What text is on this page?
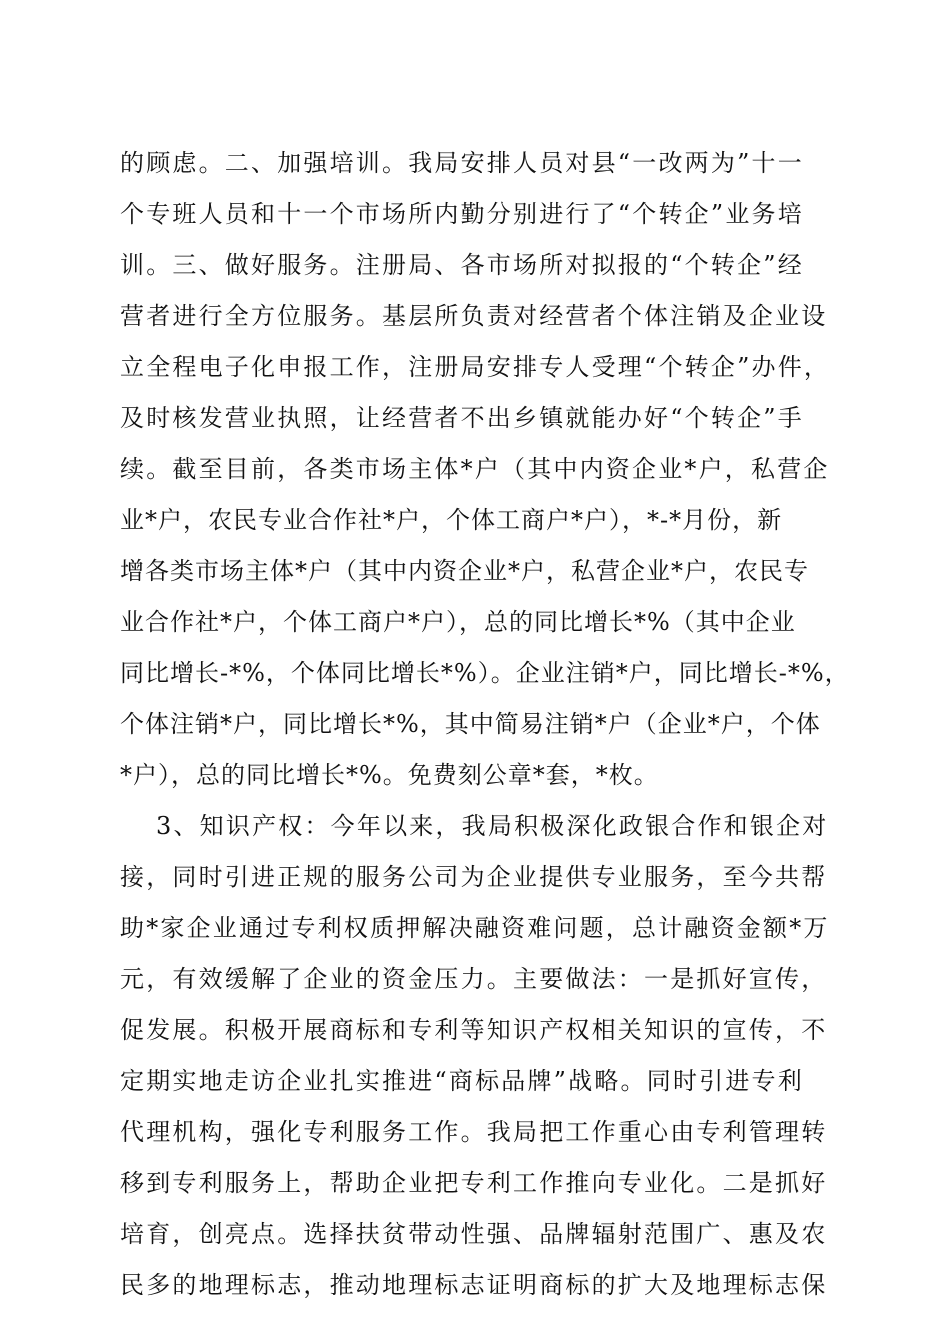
的顾虑。二、加强培训。我局安排人员对县“一改两为”十一
个专班人员和十一个市场所内勤分别进行了“个转企”业务培
训。三、做好服务。注册局、各市场所对拟报的“个转企”经
营者进行全方位服务。基层所负责对经营者个体注销及企业设
立全程电子化申报工作，注册局安排专人受理“个转企”办件，
及时核发营业执照，让经营者不出乡镇就能办好“个转企”手
续。截至目前，各类市场主体*户（其中内资企业*户，私营企
业*户，农民专业合作社*户，个体工商户*户），*-*月份，新
增各类市场主体*户（其中内资企业*户，私营企业*户，农民专
业合作社*户，个体工商户*户），总的同比增长*%（其中企业
同比增长-*%，个体同比增长*%）。企业注销*户，同比增长-*%，
个体注销*户，同比增长*%，其中简易注销*户（企业*户，个体
*户），总的同比增长*%。免费刻公章*套，*枚。
3、知识产权：今年以来，我局积极深化政银合作和银企对
接，同时引进正规的服务公司为企业提供专业服务，至今共帮
助*家企业通过专利权质押解决融资难问题，总计融资金额*万
元，有效缓解了企业的资金压力。主要做法：一是抓好宣传，
促发展。积极开展商标和专利等知识产权相关知识的宣传，不
定期实地走访企业扎实推进“商标品牌”战略。同时引进专利
代理机构，强化专利服务工作。我局把工作重心由专利管理转
移到专利服务上，帮助企业把专利工作推向专业化。二是抓好
培育，创亮点。选择扶贫带动性强、品牌辐射范围广、惠及农
民多的地理标志，推动地理标志证明商标的扩大及地理标志保
